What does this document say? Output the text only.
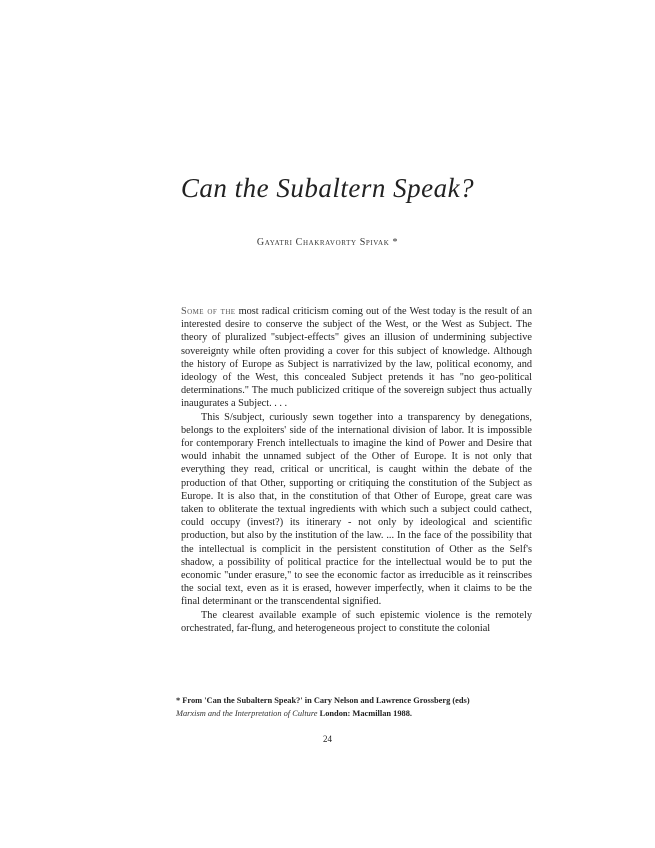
Can the Subaltern Speak?
Gayatri Chakravorty Spivak *

Some of the most radical criticism coming out of the West today is the result of an interested desire to conserve the subject of the West, or the West as Subject. The theory of pluralized "subject-effects" gives an illusion of undermining subjective sovereignty while often providing a cover for this subject of knowledge. Although the history of Europe as Subject is narrativized by the law, political economy, and ideology of the West, this concealed Subject pretends it has "no geo-political determinations." The much publicized critique of the sovereign subject thus actually inaugurates a Subject. . . .

This S/subject, curiously sewn together into a transparency by denegations, belongs to the exploiters' side of the international division of labor. It is impossible for contemporary French intellectuals to imagine the kind of Power and Desire that would inhabit the unnamed subject of the Other of Europe. It is not only that everything they read, critical or uncritical, is caught within the debate of the production of that Other, supporting or critiquing the constitution of the Subject as Europe. It is also that, in the constitution of that Other of Europe, great care was taken to obliterate the textual ingredients with which such a subject could cathect, could occupy (invest?) its itinerary - not only by ideological and scientific production, but also by the institution of the law. ... In the face of the possibility that the intellectual is complicit in the persistent constitution of Other as the Self's shadow, a possibility of political practice for the intellectual would be to put the economic "under erasure," to see the economic factor as irreducible as it reinscribes the social text, even as it is erased, however imperfectly, when it claims to be the final determinant or the transcendental signified.

The clearest available example of such epistemic violence is the remotely orchestrated, far-flung, and heterogeneous project to constitute the colonial

* From 'Can the Subaltern Speak?' in Cary Nelson and Lawrence Grossberg (eds)
Marxism and the Interpretation of Culture London: Macmillan 1988.
24
